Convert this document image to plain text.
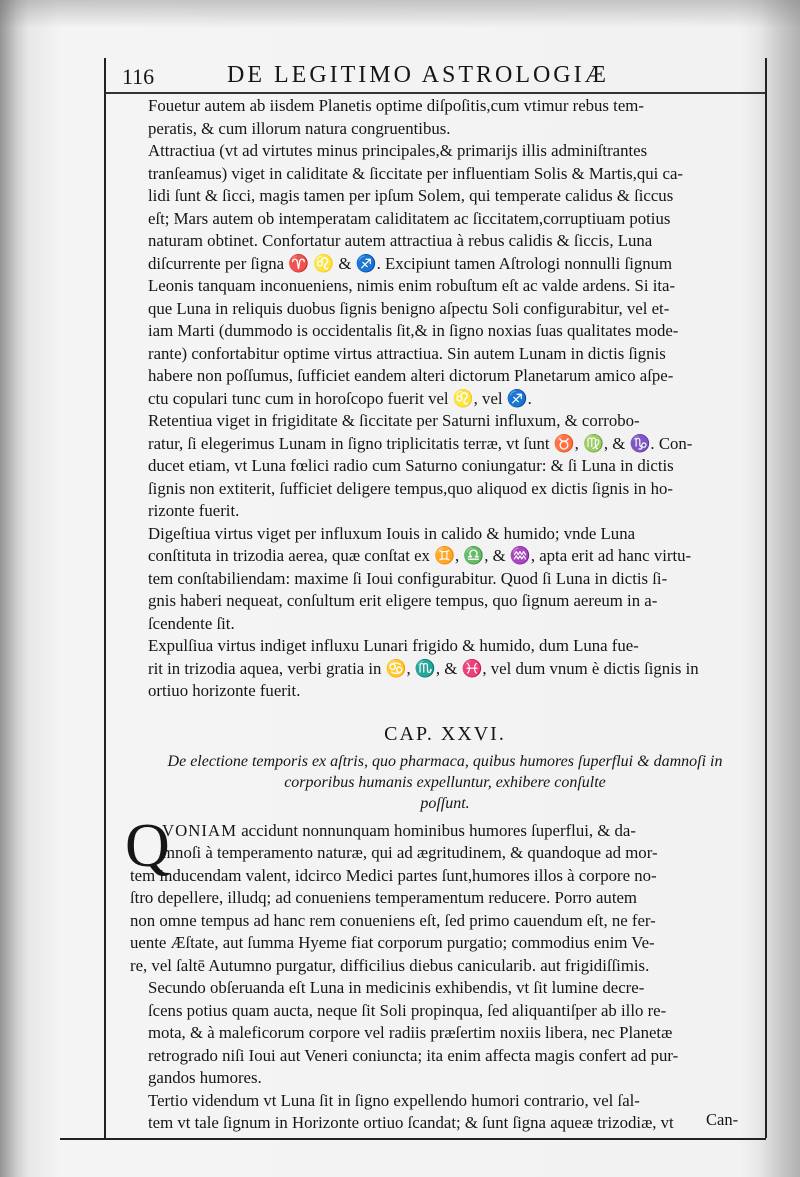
116	DE LEGITIMO ASTROLOGIÆ

Fouetur autem ab iisdem Planetis optime diſpoſitis,cum vtimur rebus tem-
peratis, & cum illorum natura congruentibus.

Attractiua (vt ad virtutes minus principales,& primarijs illis adminiſtrantes
tranſeamus) viget in caliditate & ſiccitate per influentiam Solis & Martis,qui ca-
lidi ſunt & ſicci, magis tamen per ipſum Solem, qui temperate calidus & ſiccus
eſt; Mars autem ob intemperatam caliditatem ac ſiccitatem,corruptiuam potius
naturam obtinet. Confortatur autem attractiua à rebus calidis & ſiccis, Luna
diſcurrente per ſigna ♈ ♌ & ♐. Excipiunt tamen Aſtrologi nonnulli ſignum
Leonis tanquam inconueniens, nimis enim robuſtum eſt ac valde ardens. Si ita-
que Luna in reliquis duobus ſignis benigno aſpectu Soli configurabitur, vel et-
iam Marti (dummodo is occidentalis ſit,& in ſigno noxias ſuas qualitates mode-
rante) confortabitur optime virtus attractiua. Sin autem Lunam in dictis ſignis
habere non poſſumus, ſufficiet eandem alteri dictorum Planetarum amico aſpe-
ctu copulari tunc cum in horoſcopo fuerit vel ♌, vel ♐.

Retentiua viget in frigiditate & ſiccitate per Saturni influxum, & corrobo-
ratur, ſi elegerimus Lunam in ſigno triplicitatis terræ, vt ſunt ♉, ♍, & ♑. Con-
ducet etiam, vt Luna fœlici radio cum Saturno coniungatur: & ſi Luna in dictis
ſignis non extiterit, ſufficiet deligere tempus,quo aliquod ex dictis ſignis in ho-
rizonte fuerit.

Digeſtiua virtus viget per influxum Iouis in calido & humido; vnde Luna
conſtituta in trizodia aerea, quæ conſtat ex ♊, ♎, & ♒, apta erit ad hanc virtu-
tem conſtabiliendam: maxime ſi Ioui configurabitur. Quod ſi Luna in dictis ſi-
gnis haberi nequeat, conſultum erit eligere tempus, quo ſignum aereum in a-
ſcendente ſit.

Expulſiua virtus indiget influxu Lunari frigido & humido, dum Luna fue-
rit in trizodia aquea, verbi gratia in ♋, ♏, & ♓, vel dum vnum è dictis ſignis in
ortiuo horizonte fuerit.

CAP. XXVI.
De electione temporis ex aſtris, quo pharmaca, quibus humores ſuperflui & damnoſi in
corporibus humanis expelluntur, exhibere conſulte
poſſunt.

Q
VONIAM accidunt nonnunquam hominibus humores ſuperflui, & da-
mnoſi à temperamento naturæ, qui ad ægritudinem, & quandoque ad mor-
tem inducendam valent, idcirco Medici partes ſunt,humores illos à corpore no-
ſtro depellere, illudq; ad conueniens temperamentum reducere. Porro autem
non omne tempus ad hanc rem conueniens eſt, ſed primo cauendum eſt, ne fer-
uente Æſtate, aut ſumma Hyeme fiat corporum purgatio; commodius enim Ve-
re, vel ſaltē Autumno purgatur, difficilius diebus canicularib. aut frigidiſſimis.

Secundo obſeruanda eſt Luna in medicinis exhibendis, vt ſit lumine decre-
ſcens potius quam aucta, neque ſit Soli propinqua, ſed aliquantiſper ab illo re-
mota, & à maleficorum corpore vel radiis præſertim noxiis libera, nec Planetæ
retrogrado niſi Ioui aut Veneri coniuncta; ita enim affecta magis confert ad pur-
gandos humores.

Tertio videndum vt Luna ſit in ſigno expellendo humori contrario, vel ſal-
tem vt tale ſignum in Horizonte ortiuo ſcandat; & ſunt ſigna aqueæ trizodiæ, vt	Can-
